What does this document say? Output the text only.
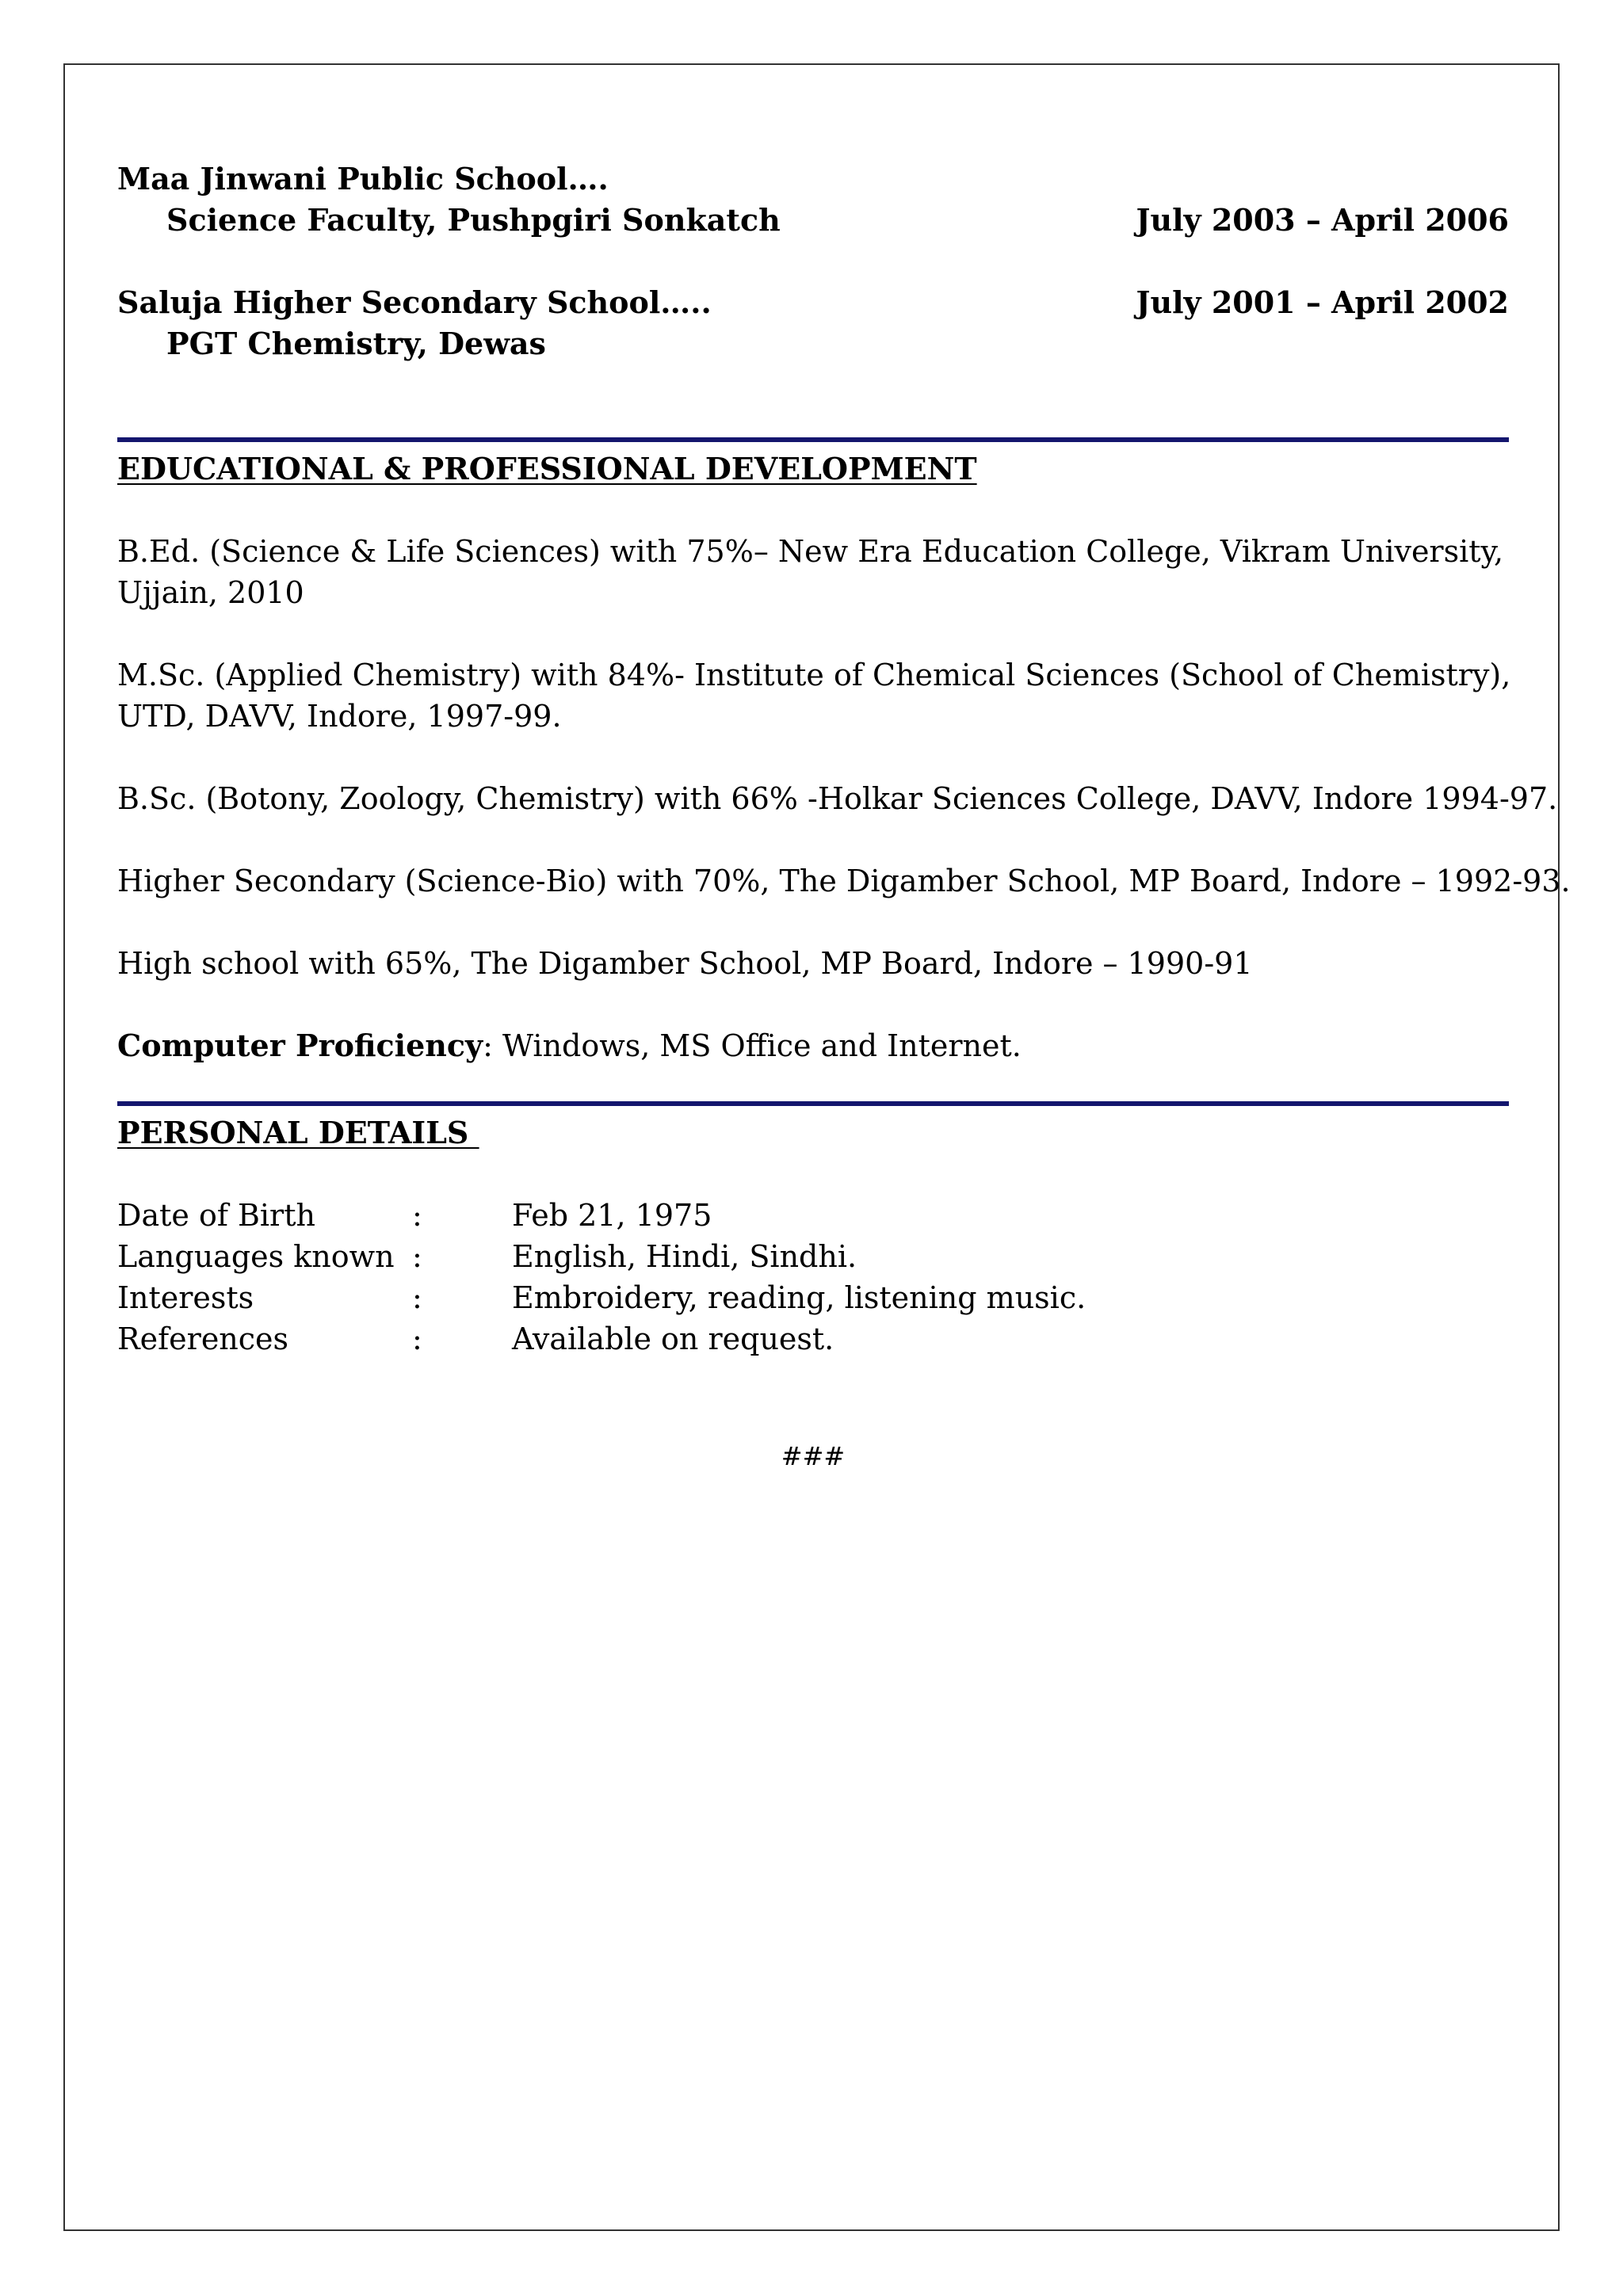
Maa Jinwani Public School….
Science Faculty, Pushpgiri Sonkatch	July 2003 – April 2006
Saluja Higher Secondary School…..	July 2001 – April 2002
PGT Chemistry, Dewas
EDUCATIONAL & PROFESSIONAL DEVELOPMENT
B.Ed. (Science & Life Sciences) with 75%– New Era Education College, Vikram University,
Ujjain, 2010
M.Sc. (Applied Chemistry) with 84%- Institute of Chemical Sciences (School of Chemistry),
UTD, DAVV, Indore, 1997-99.
B.Sc. (Botony, Zoology, Chemistry) with 66% -Holkar Sciences College, DAVV, Indore 1994-97.
Higher Secondary (Science-Bio) with 70%, The Digamber School, MP Board, Indore – 1992-93.
High school with 65%, The Digamber School, MP Board, Indore – 1990-91
Computer Proficiency: Windows, MS Office and Internet.
PERSONAL DETAILS
Date of Birth	:	Feb 21, 1975
Languages known :	English, Hindi, Sindhi.
Interests	:	Embroidery, reading, listening music.
References	:	Available on request.
###
